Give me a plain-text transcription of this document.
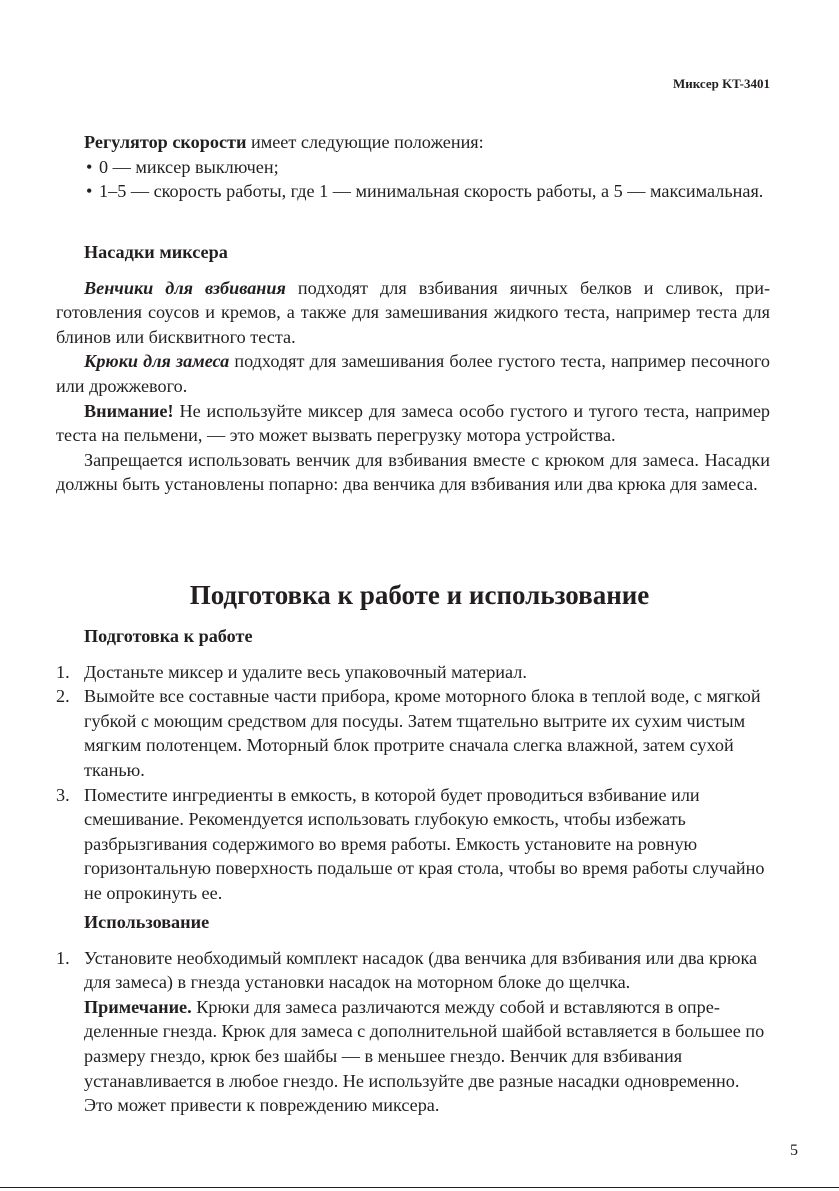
Миксер KT-3401
Регулятор скорости имеет следующие положения:
• 0 — миксер выключен;
• 1–5 — скорость работы, где 1 — минимальная скорость работы, а 5 — максимальная.
Насадки миксера
Венчики для взбивания подходят для взбивания яичных белков и сливок, приготовления соусов и кремов, а также для замешивания жидкого теста, например теста для блинов или бисквитного теста.
Крюки для замеса подходят для замешивания более густого теста, например песочного или дрожжевого.
Внимание! Не используйте миксер для замеса особо густого и тугого теста, например теста на пельмени, — это может вызвать перегрузку мотора устройства.
Запрещается использовать венчик для взбивания вместе с крюком для замеса. Насадки должны быть установлены попарно: два венчика для взбивания или два крюка для замеса.
Подготовка к работе и использование
Подготовка к работе
1. Достаньте миксер и удалите весь упаковочный материал.
2. Вымойте все составные части прибора, кроме моторного блока в теплой воде, с мягкой губкой с моющим средством для посуды. Затем тщательно вытрите их сухим чистым мягким полотенцем. Моторный блок протрите сначала слегка влажной, затем сухой тканью.
3. Поместите ингредиенты в емкость, в которой будет проводиться взбивание или смешивание. Рекомендуется использовать глубокую емкость, чтобы избежать разбрызгивания содержимого во время работы. Емкость установите на ровную горизонтальную поверхность подальше от края стола, чтобы во время работы случайно не опрокинуть ее.
Использование
1. Установите необходимый комплект насадок (два венчика для взбивания или два крюка для замеса) в гнезда установки насадок на моторном блоке до щелчка.
Примечание. Крюки для замеса различаются между собой и вставляются в определенные гнезда. Крюк для замеса с дополнительной шайбой вставляется в большее по размеру гнездо, крюк без шайбы — в меньшее гнездо. Венчик для взбивания устанавливается в любое гнездо. Не используйте две разные насадки одновременно. Это может привести к повреждению миксера.
5
